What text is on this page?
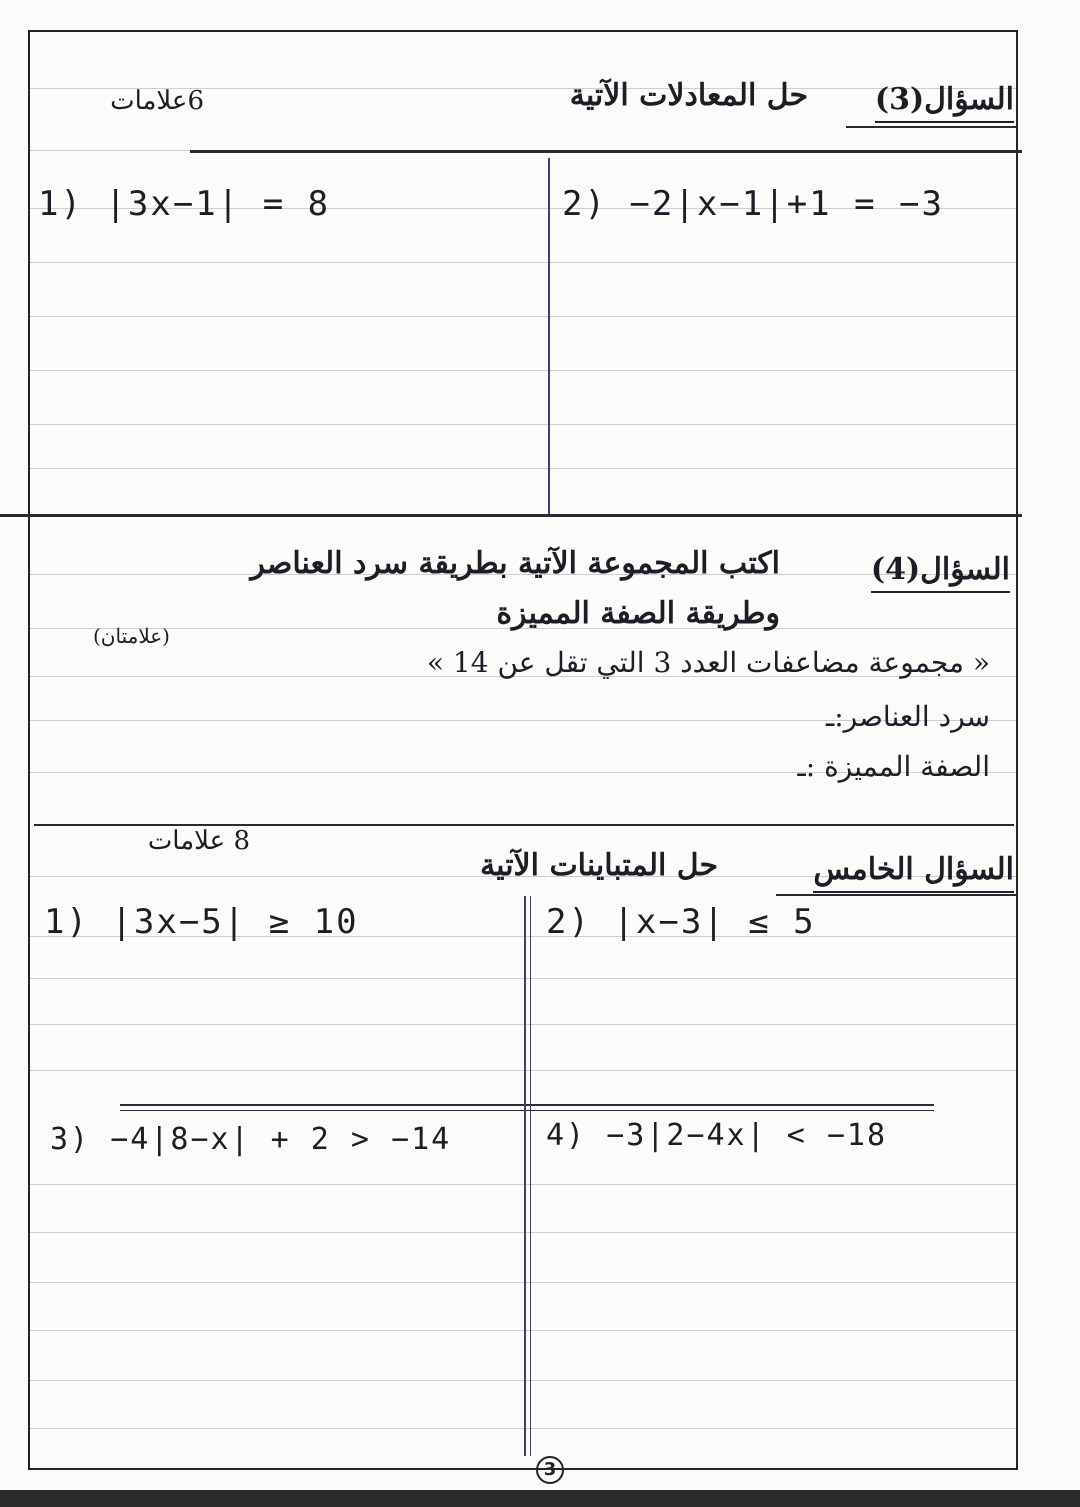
السؤال(3)
حل المعادلات الآتية
6علامات
1) |3x−1| = 8	2) −2|x−1|+1 = −3
السؤال(4)
اكتب المجموعة الآتية بطريقة سرد العناصر
وطريقة الصفة المميزة
(علامتان)
« مجموعة مضاعفات العدد 3 التي تقل عن 14 »
سرد العناصر:ـ
الصفة المميزة :ـ
8 علامات
السؤال الخامس
حل المتباينات الآتية
1) |3x−5| ≥ 10	2) |x−3| ≤ 5
3) −4|8−x| + 2 > −14	4) −3|2−4x| < −18
3
